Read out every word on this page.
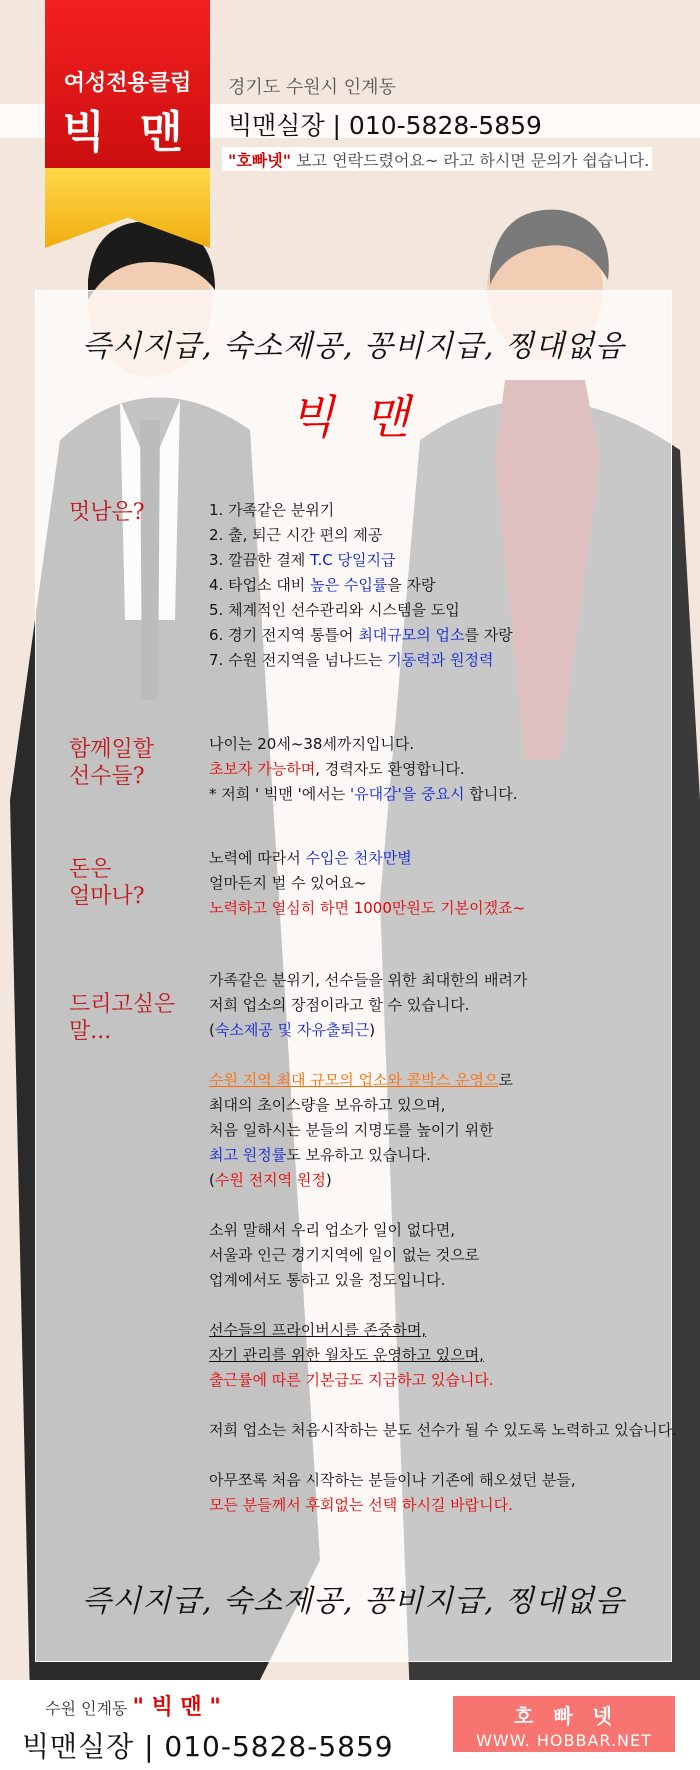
경기도 수원시 인계동
빅맨실장 | 010-5828-5859
"호빠넷" 보고 연락드렸어요~ 라고 하시면 문의가 쉽습니다.
여성전용클럽
빅 맨
즉시지급, 숙소제공, 꽁비지급, 찡대없음
빅 맨
멋남은?	1. 가족같은 분위기
2. 출, 퇴근 시간 편의 제공
3. 깔끔한 결제 T.C 당일지급
4. 타업소 대비 높은 수입률을 자랑
5. 체계적인 선수관리와 시스템을 도입
6. 경기 전지역 통틀어 최대규모의 업소를 자랑
7. 수원 전지역을 넘나드는 기동력과 원정력
함께일할
선수들?
나이는 20세~38세까지입니다.
초보자 가능하며, 경력자도 환영합니다.
* 저희 ' 빅맨 '에서는 '유대감'을 중요시 합니다.
돈은
얼마나?
노력에 따라서 수입은 천차만별
얼마든지 벌 수 있어요~
노력하고 열심히 하면 1000만원도 기본이겠죠~
드리고싶은
말...
가족같은 분위기, 선수들을 위한 최대한의 배려가
저희 업소의 장점이라고 할 수 있습니다.
(숙소제공 및 자유출퇴근)
수원 지역 최대 규모의 업소와 콜박스 운영으로
최대의 초이스량을 보유하고 있으며,
처음 일하시는 분들의 지명도를 높이기 위한
최고 원정률도 보유하고 있습니다.
(수원 전지역 원정)
소위 말해서 우리 업소가 일이 없다면,
서울과 인근 경기지역에 일이 없는 것으로
업계에서도 통하고 있을 정도입니다.
선수들의 프라이버시를 존중하며,
자기 관리를 위한 월차도 운영하고 있으며,
출근률에 따른 기본급도 지급하고 있습니다.
저희 업소는 처음시작하는 분도 선수가 될 수 있도록 노력하고 있습니다.
아무쪼록 처음 시작하는 분들이나 기존에 해오셨던 분들,
모든 분들께서 후회없는 선택 하시길 바랍니다.
즉시지급, 숙소제공, 꽁비지급, 찡대없음
수원 인계동 " 빅 맨 "
빅맨실장 | 010-5828-5859
호빠넷
WWW. HOBBAR.NET
